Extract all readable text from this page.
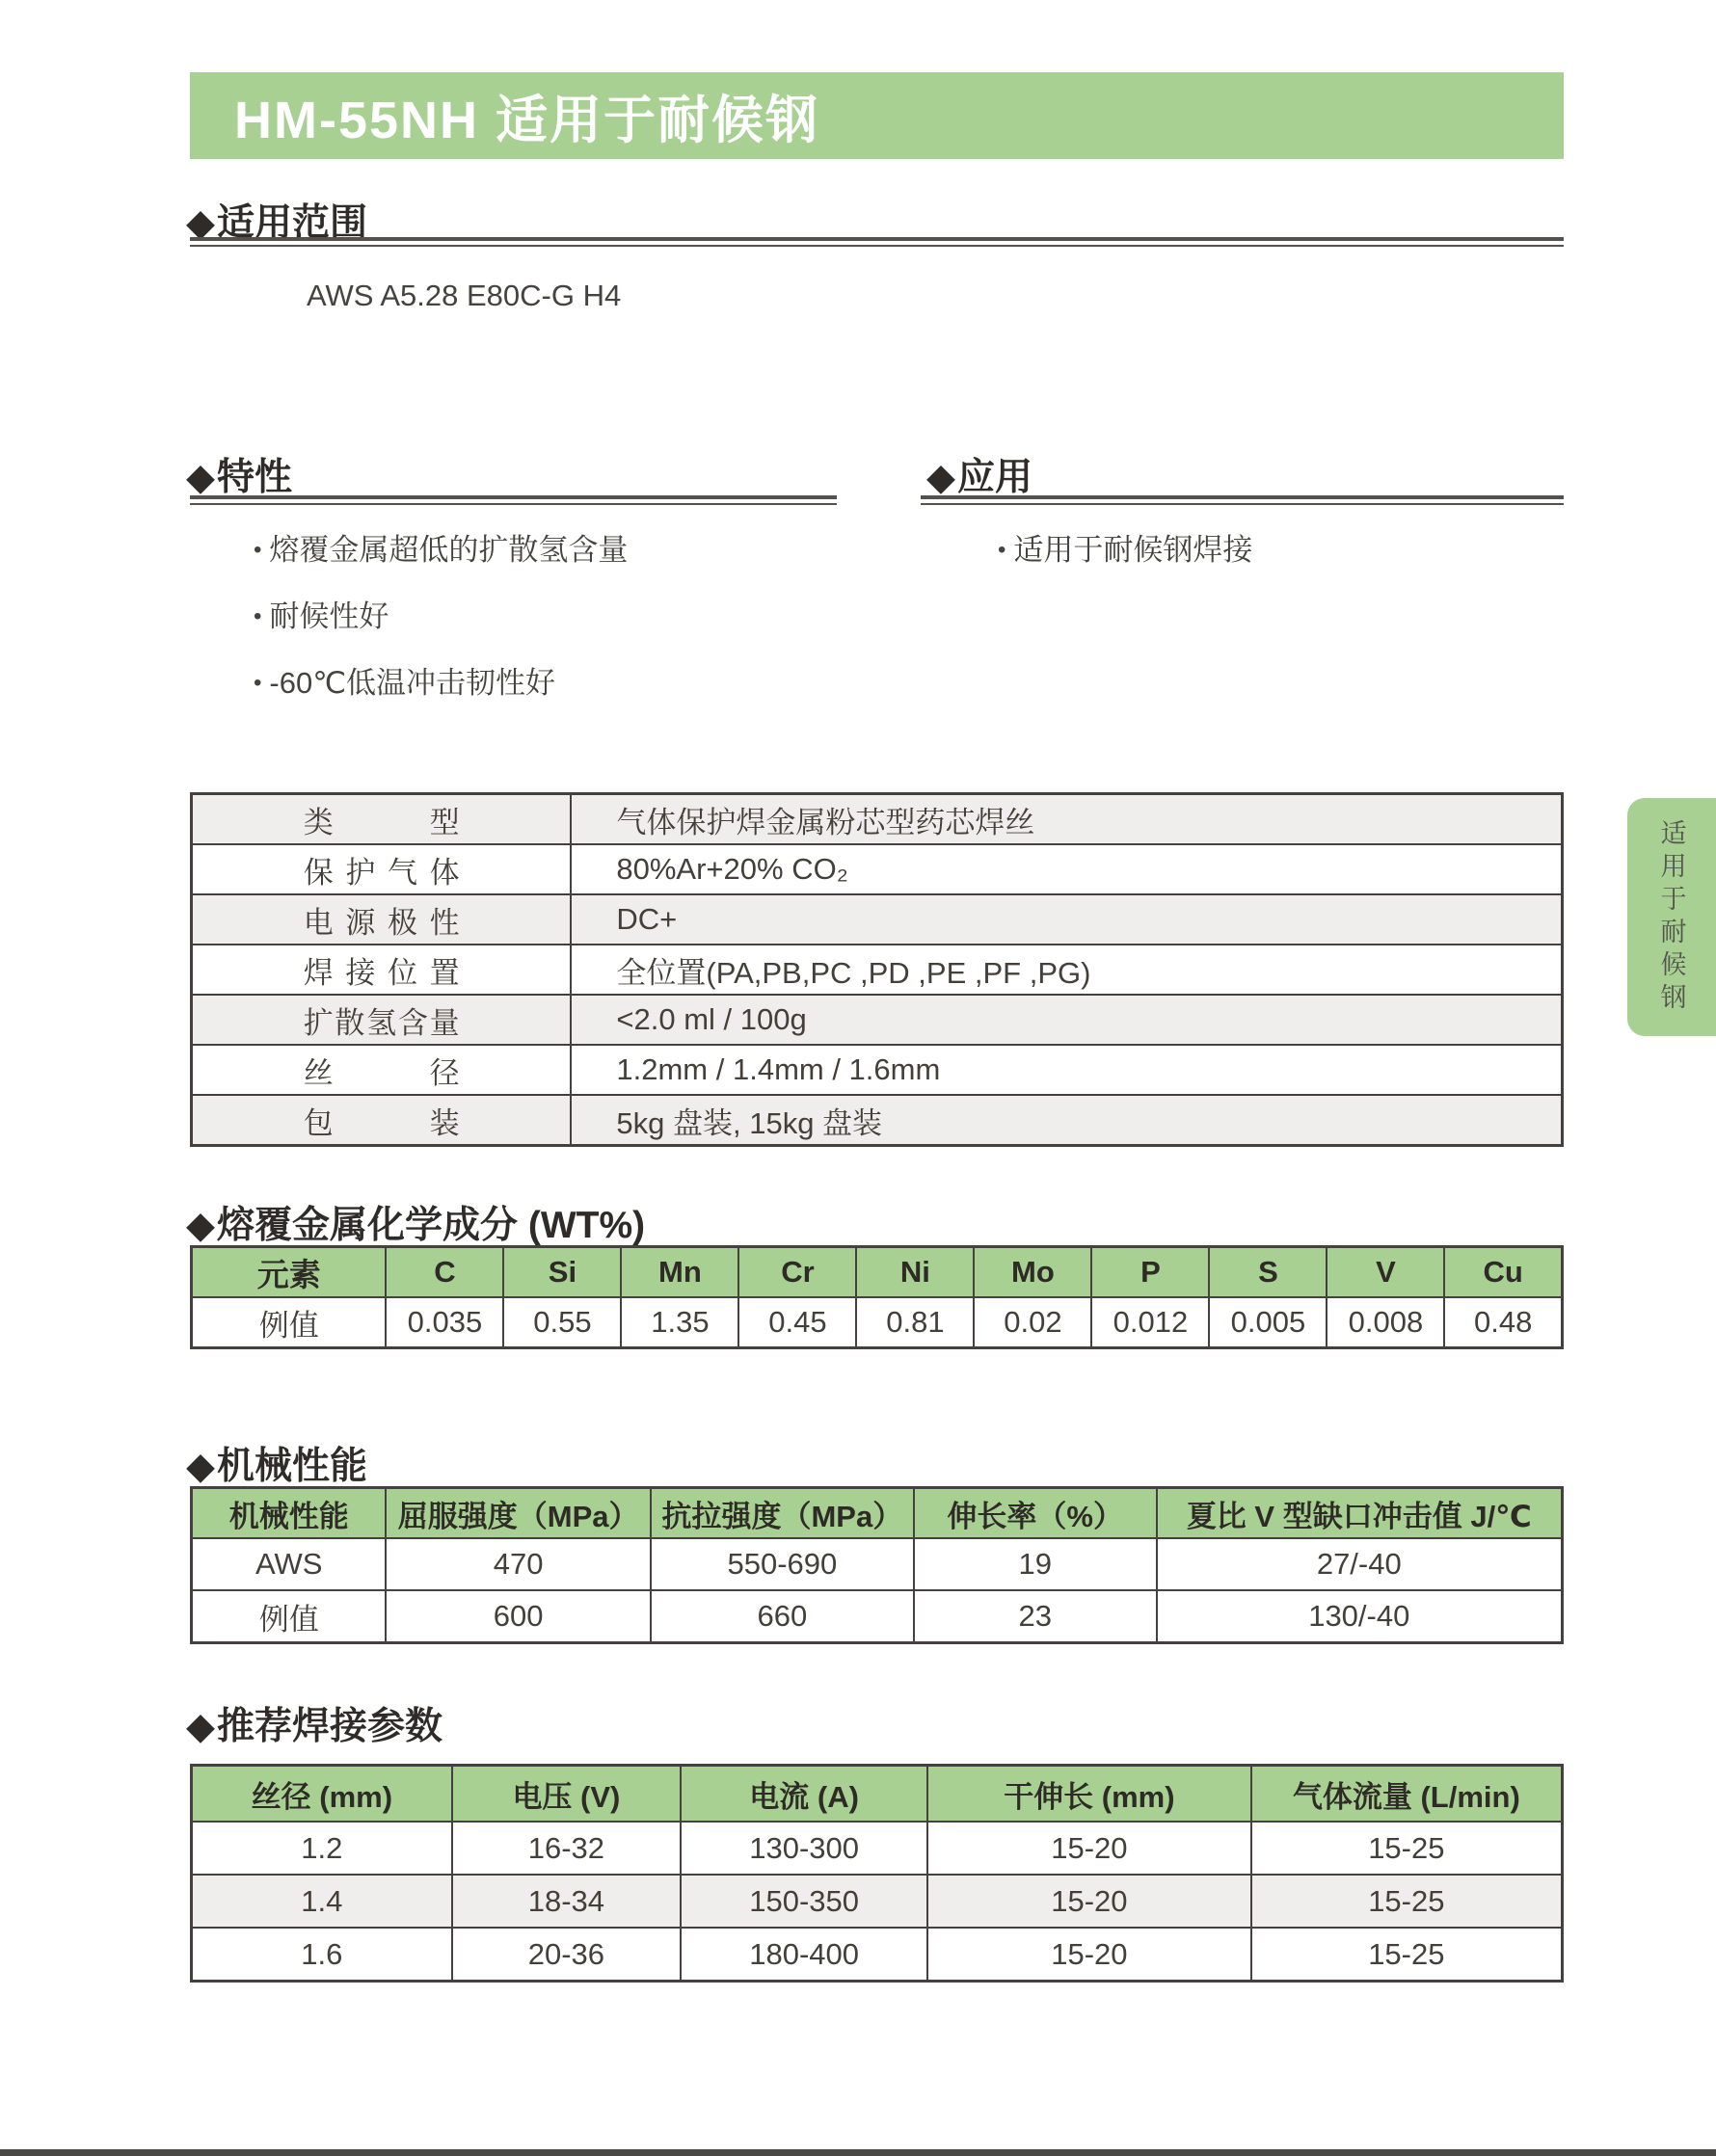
HM-55NH 适用于耐候钢
◆适用范围
AWS A5.28 E80C-G H4
◆特性
• 熔覆金属超低的扩散氢含量
• 耐候性好
• -60℃低温冲击韧性好
◆应用
• 适用于耐候钢焊接
类型	气体保护焊金属粉芯型药芯焊丝

保护气体	80%Ar+20% CO₂

电源极性	DC+

焊接位置	全位置(PA,PB,PC ,PD ,PE ,PF ,PG)

扩散氢含量	<2.0 ml / 100g

丝径	1.2mm / 1.4mm / 1.6mm

包装	5kg 盘装, 15kg 盘装
◆熔覆金属化学成分 (WT%)
元素	C	Si	Mn	Cr	Ni	Mo	P	S	V	Cu
例值	0.035	0.55	1.35	0.45	0.81	0.02	0.012	0.005	0.008	0.48
◆机械性能
机械性能	屈服强度（MPa）	抗拉强度（MPa）	伸长率（%）	夏比 V 型缺口冲击值 J/℃
AWS	470	550-690	19	27/-40
例值	600	660	23	130/-40
◆推荐焊接参数
丝径 (mm)	电压 (V)	电流 (A)	干伸长 (mm)	气体流量 (L/min)
1.2	16-32	130-300	15-20	15-25
1.4	18-34	150-350	15-20	15-25
1.6	20-36	180-400	15-20	15-25
适用于耐候钢
